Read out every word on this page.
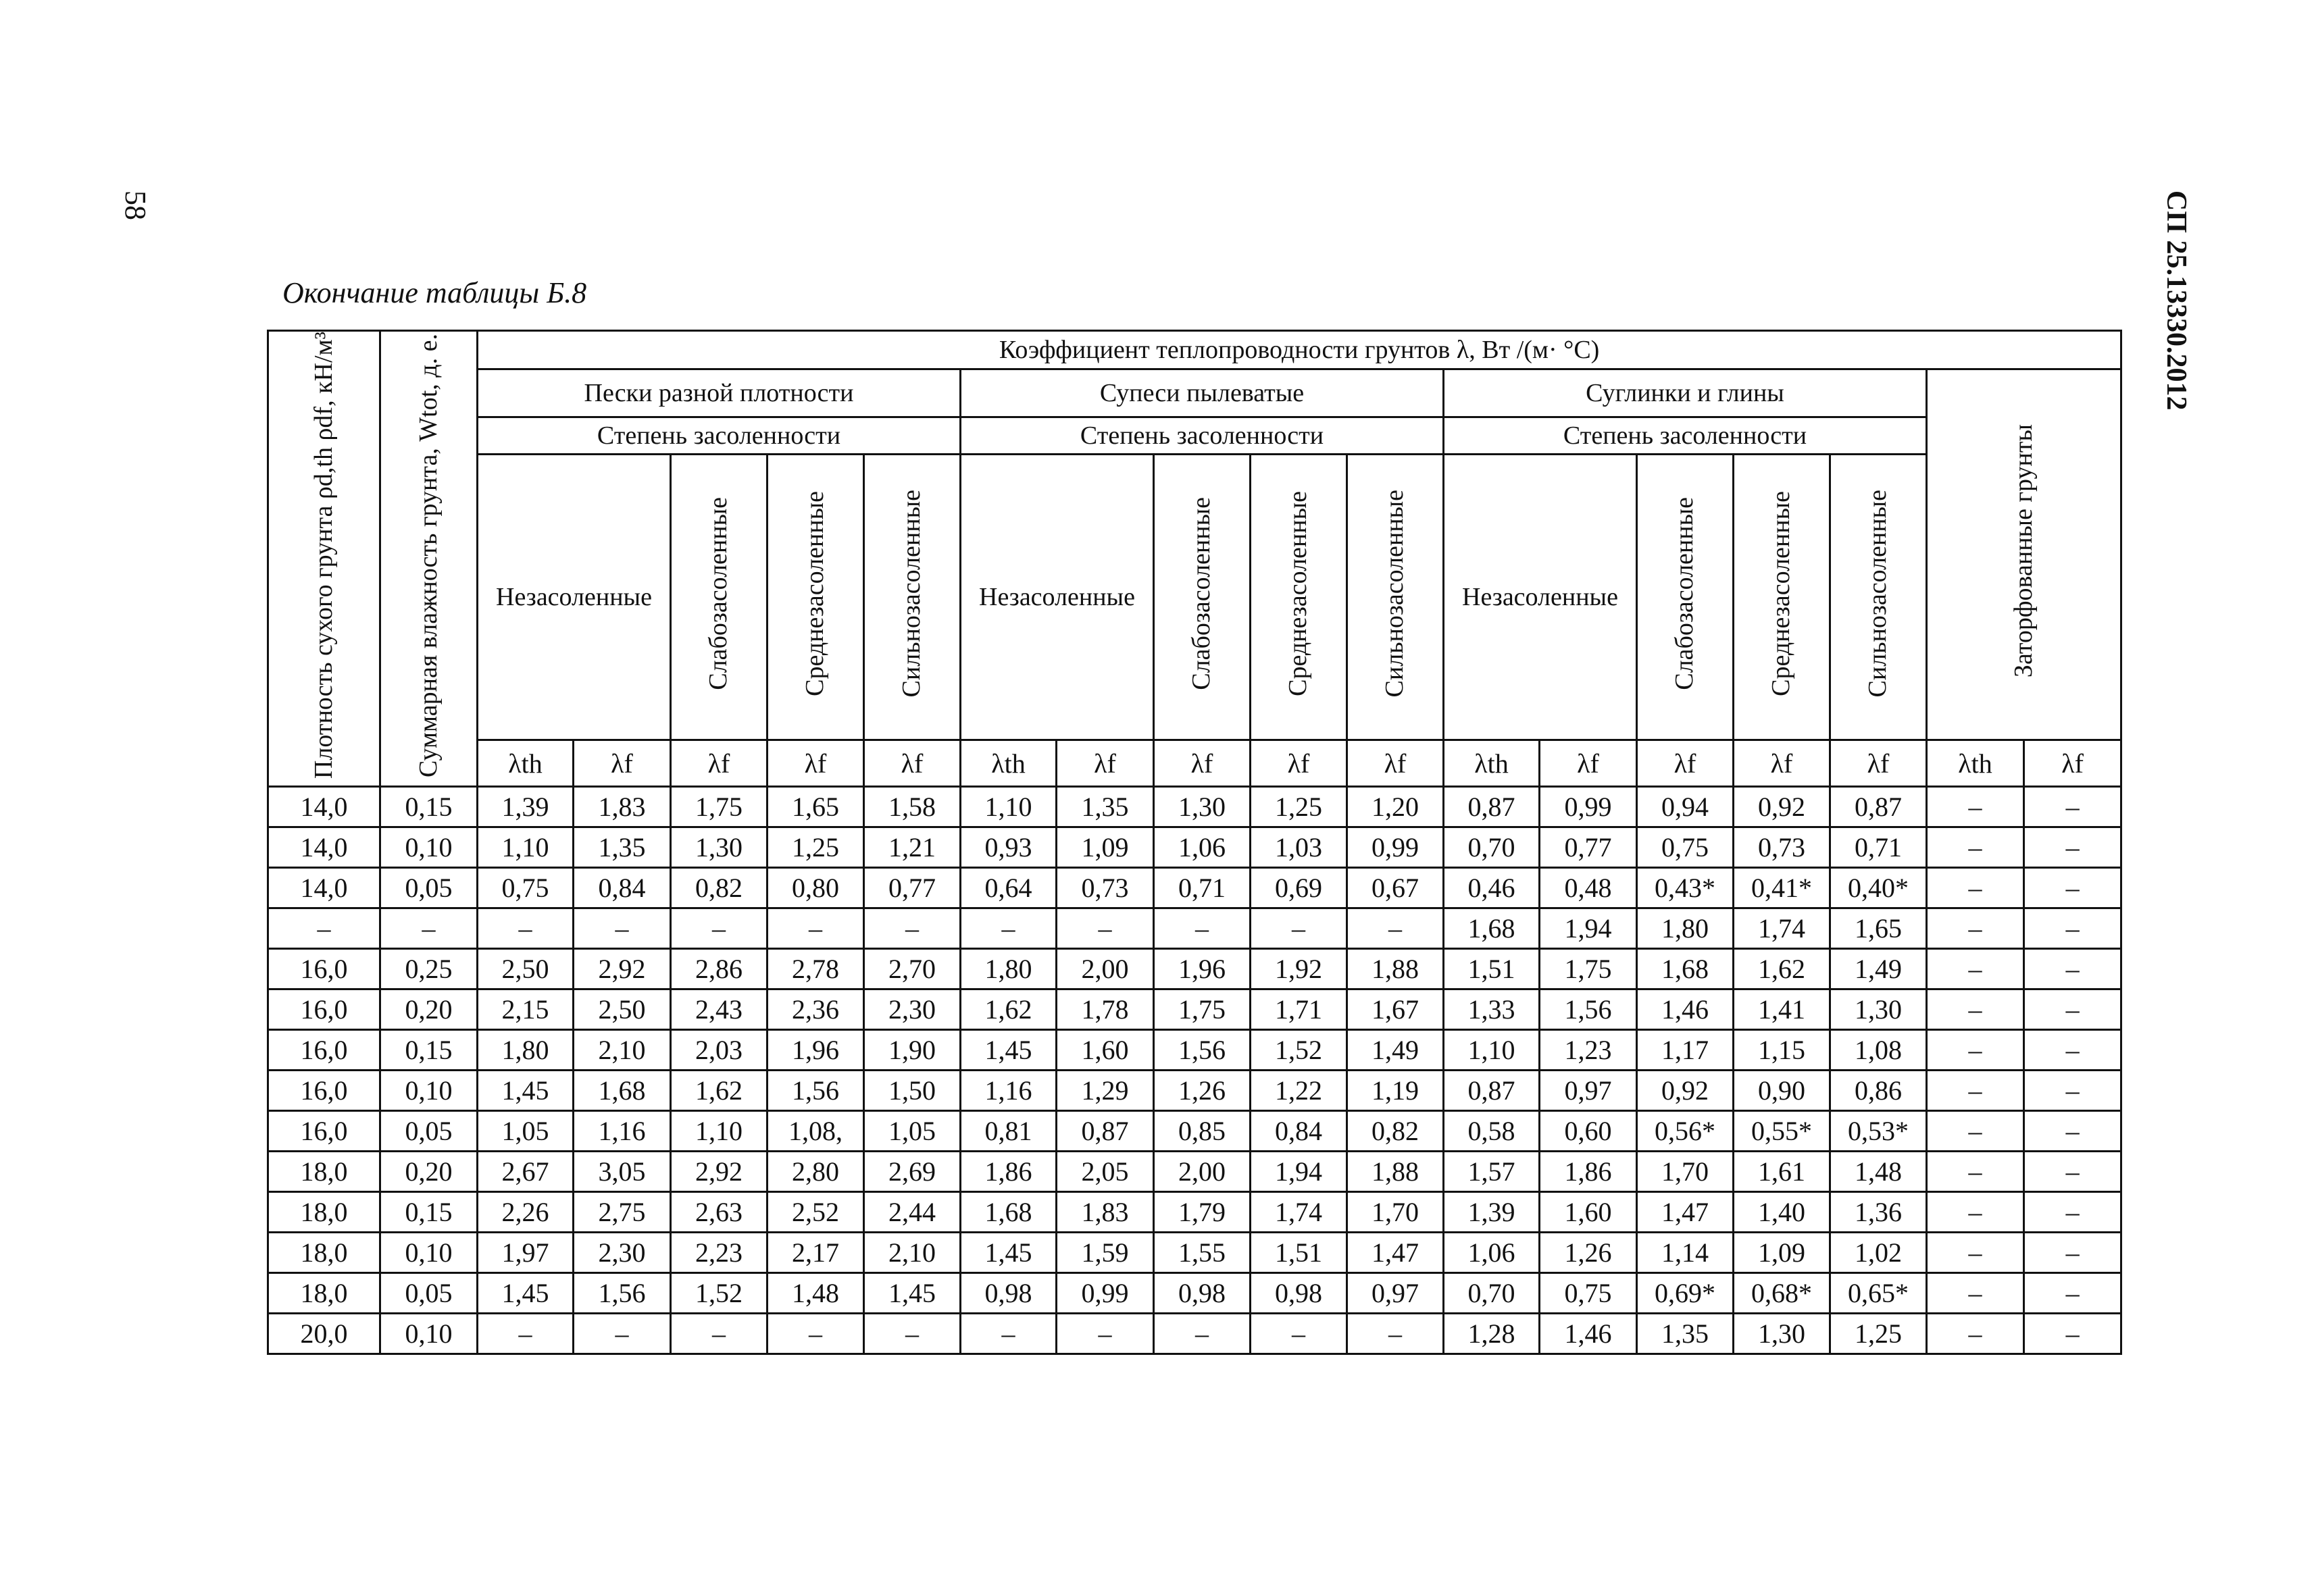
58	СП 25.13330.2012
Окончание таблицы Б.8
Плотность сухого грунта ρd,th ρdf, кН/м³	Суммарная влажность грунта, Wtot, д. е.	Коэффициент теплопроводности грунтов λ, Вт /(м· °С)																
		Пески разной плотности					Супеси пылеватые					Суглинки и глины					Заторфованные грунты	
		Степень засоленности					Степень засоленности					Степень засоленности						
		Незасоленные		Слабозасоленные	Среднезасоленные	Сильнозасоленные	Незасоленные		Слабозасоленные	Среднезасоленные	Сильнозасоленные	Незасоленные		Слабозасоленные	Среднезасоленные	Сильнозасоленные		
		λth	λf	λf	λf	λf	λth	λf	λf	λf	λf	λth	λf	λf	λf	λf	λth	λf
14,0	0,15	1,39	1,83	1,75	1,65	1,58	1,10	1,35	1,30	1,25	1,20	0,87	0,99	0,94	0,92	0,87	–	–
14,0	0,10	1,10	1,35	1,30	1,25	1,21	0,93	1,09	1,06	1,03	0,99	0,70	0,77	0,75	0,73	0,71	–	–
14,0	0,05	0,75	0,84	0,82	0,80	0,77	0,64	0,73	0,71	0,69	0,67	0,46	0,48	0,43*	0,41*	0,40*	–	–
–	–	–	–	–	–	–	–	–	–	–	–	1,68	1,94	1,80	1,74	1,65	–	–
16,0	0,25	2,50	2,92	2,86	2,78	2,70	1,80	2,00	1,96	1,92	1,88	1,51	1,75	1,68	1,62	1,49	–	–
16,0	0,20	2,15	2,50	2,43	2,36	2,30	1,62	1,78	1,75	1,71	1,67	1,33	1,56	1,46	1,41	1,30	–	–
16,0	0,15	1,80	2,10	2,03	1,96	1,90	1,45	1,60	1,56	1,52	1,49	1,10	1,23	1,17	1,15	1,08	–	–
16,0	0,10	1,45	1,68	1,62	1,56	1,50	1,16	1,29	1,26	1,22	1,19	0,87	0,97	0,92	0,90	0,86	–	–
16,0	0,05	1,05	1,16	1,10	1,08,	1,05	0,81	0,87	0,85	0,84	0,82	0,58	0,60	0,56*	0,55*	0,53*	–	–
18,0	0,20	2,67	3,05	2,92	2,80	2,69	1,86	2,05	2,00	1,94	1,88	1,57	1,86	1,70	1,61	1,48	–	–
18,0	0,15	2,26	2,75	2,63	2,52	2,44	1,68	1,83	1,79	1,74	1,70	1,39	1,60	1,47	1,40	1,36	–	–
18,0	0,10	1,97	2,30	2,23	2,17	2,10	1,45	1,59	1,55	1,51	1,47	1,06	1,26	1,14	1,09	1,02	–	–
18,0	0,05	1,45	1,56	1,52	1,48	1,45	0,98	0,99	0,98	0,98	0,97	0,70	0,75	0,69*	0,68*	0,65*	–	–
20,0	0,10	–	–	–	–	–	–	–	–	–	–	1,28	1,46	1,35	1,30	1,25	–	–
